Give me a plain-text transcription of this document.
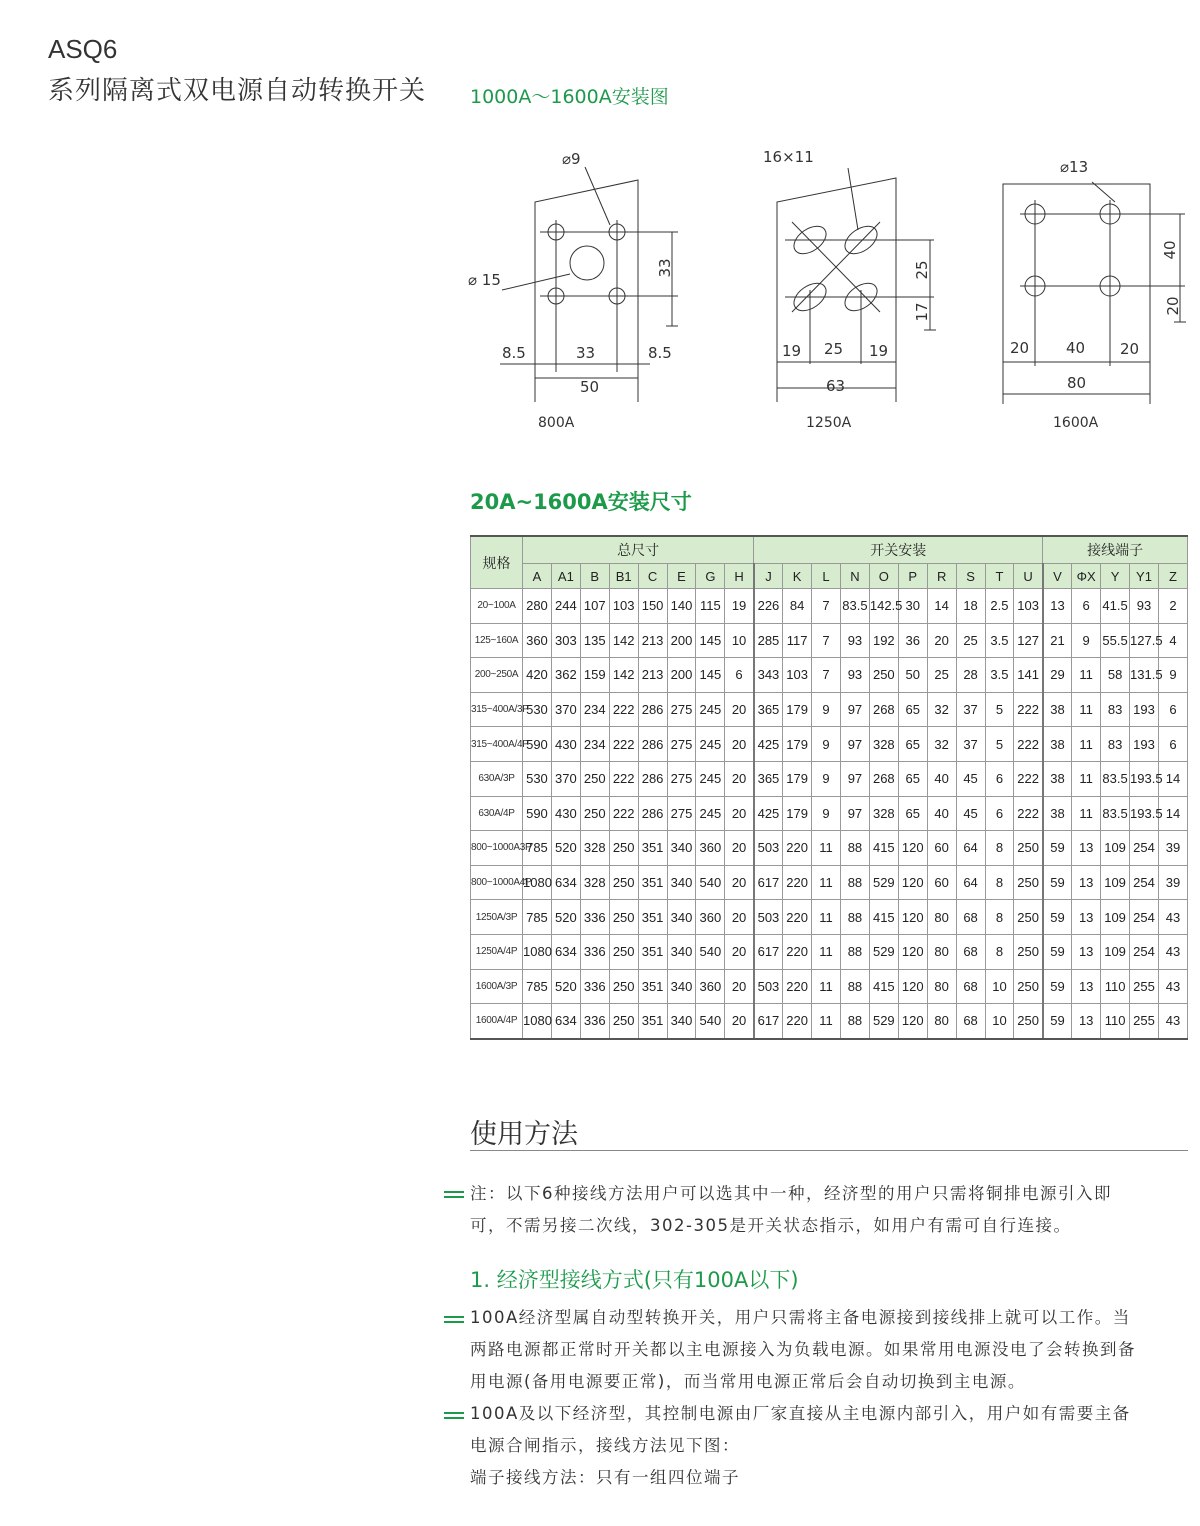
ASQ6
系列隔离式双电源自动转换开关 1000A～1600A安装图
⌀9
⌀ 15
33
8.5	33	8.5
50
800A
16×11
25
17
19 25 19
63
1250A
⌀13
40
20
20 40 20
80
1600A
20A~1600A安装尺寸
规格	总尺寸								开关安装										接线端子				
	A	A1	B	B1	C	E	G	H	J	K	L	N	O	P	R	S	T	U	V	ΦX	Y	Y1	Z
20~100A	280	244	107	103	150	140	115	19	226	84	7	83.5	142.5	30	14	18	2.5	103	13	6	41.5	93	2
125~160A	360	303	135	142	213	200	145	10	285	117	7	93	192	36	20	25	3.5	127	21	9	55.5	127.5	4
200~250A	420	362	159	142	213	200	145	6	343	103	7	93	250	50	25	28	3.5	141	29	11	58	131.5	9
315~400A/3P	530	370	234	222	286	275	245	20	365	179	9	97	268	65	32	37	5	222	38	11	83	193	6
315~400A/4P	590	430	234	222	286	275	245	20	425	179	9	97	328	65	32	37	5	222	38	11	83	193	6
630A/3P	530	370	250	222	286	275	245	20	365	179	9	97	268	65	40	45	6	222	38	11	83.5	193.5	14
630A/4P	590	430	250	222	286	275	245	20	425	179	9	97	328	65	40	45	6	222	38	11	83.5	193.5	14
800~1000A3P	785	520	328	250	351	340	360	20	503	220	11	88	415	120	60	64	8	250	59	13	109	254	39
800~1000A4P	1080	634	328	250	351	340	540	20	617	220	11	88	529	120	60	64	8	250	59	13	109	254	39
1250A/3P	785	520	336	250	351	340	360	20	503	220	11	88	415	120	80	68	8	250	59	13	109	254	43
1250A/4P	1080	634	336	250	351	340	540	20	617	220	11	88	529	120	80	68	8	250	59	13	109	254	43
1600A/3P	785	520	336	250	351	340	360	20	503	220	11	88	415	120	80	68	10	250	59	13	110	255	43
1600A/4P	1080	634	336	250	351	340	540	20	617	220	11	88	529	120	80	68	10	250	59	13	110	255	43
使用方法
注：以下6种接线方法用户可以选其中一种，经济型的用户只需将铜排电源引入即
可，不需另接二次线，302-305是开关状态指示，如用户有需可自行连接。
1. 经济型接线方式(只有100A以下)
100A经济型属自动型转换开关，用户只需将主备电源接到接线排上就可以工作。当
两路电源都正常时开关都以主电源接入为负载电源。如果常用电源没电了会转换到备
用电源(备用电源要正常)，而当常用电源正常后会自动切换到主电源。
100A及以下经济型，其控制电源由厂家直接从主电源内部引入，用户如有需要主备
电源合闸指示，接线方法见下图：
端子接线方法：只有一组四位端子
